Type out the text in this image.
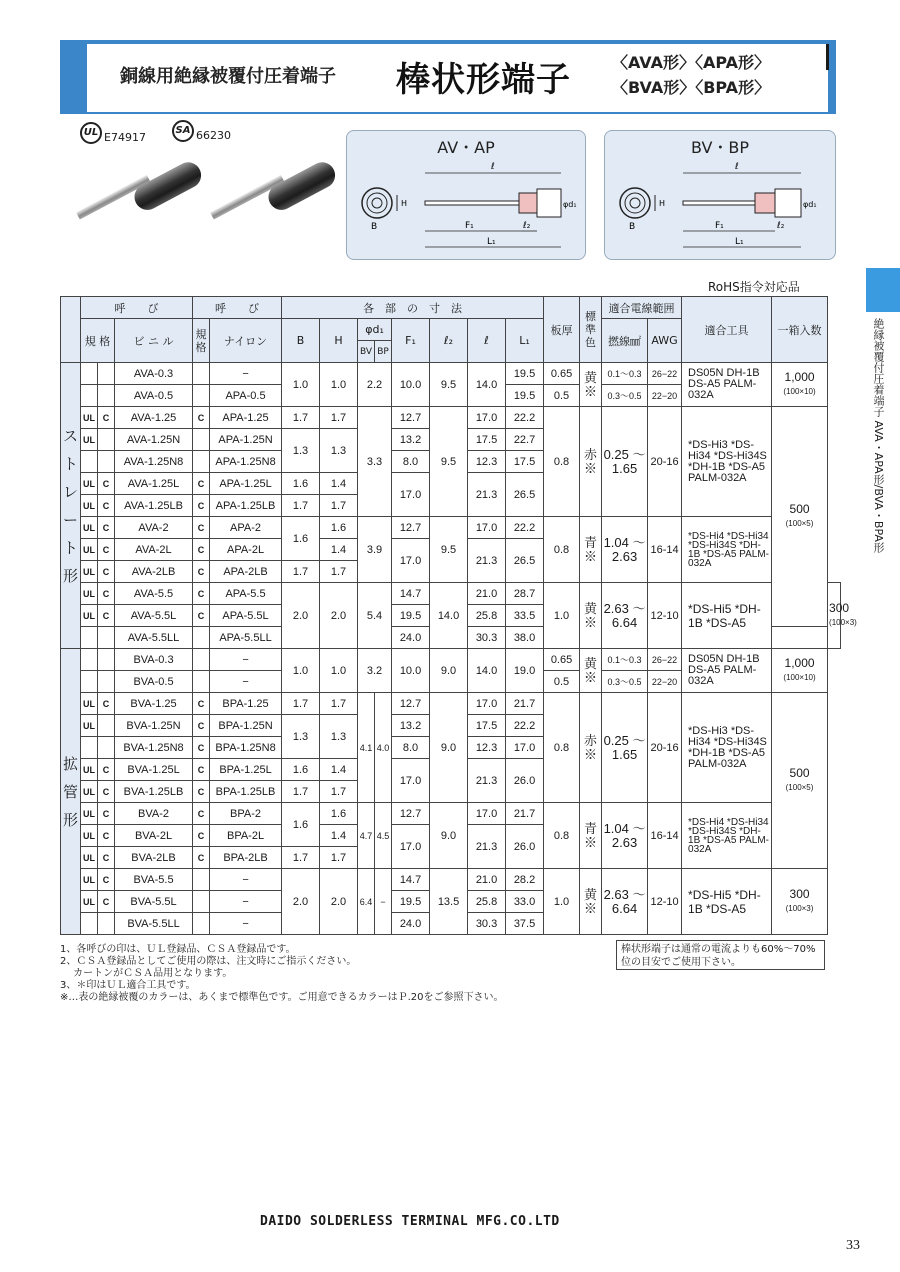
銅線用絶縁被覆付圧着端子 棒状形端子	〈AVA形〉〈APA形〉
〈BVA形〉〈BPA形〉
絶縁被覆付圧着端子 AVA・APA形/BVA・BPA形
UL E74917
SA 66230
AV・AP
ℓ
H	φd₁
B	F₁	ℓ₂
L₁
BV・BP
ℓ
H	φd₁
B	F₁	ℓ₂
L₁
RoHS指令対応品
	呼　　び			呼　　び		各　部　の　寸　法								板厚	標準色	適合電線範囲		適合工具	一箱入数	
	規 格		ビ ニ ル	規格	ナイロン	B	H	φd₁		F₁	ℓ₂	ℓ	L₁			撚線㎟	AWG			
								BV	BP											
ストレート形			AVA-0.3		−	1.0	1.0	2.2		10.0	9.5	14.0	19.5	0.65	黄※	0.1〜0.3	26−22	DS05N DH-1B DS-A5 PALM-032A	1,000
(100×10)	
			AVA-0.5		APA-0.5								19.5	0.5		0.3〜0.5	22−20			
	UL	C	AVA-1.25	C	APA-1.25	1.7	1.7	3.3		12.7	9.5	17.0	22.2	0.8	赤※	0.25 〜 1.65	20-16	*DS-Hi3 *DS-Hi34 *DS-Hi34S *DH-1B *DS-A5 PALM-032A	500
(100×5)	
	UL		AVA-1.25N		APA-1.25N	1.3	1.3			13.2		17.5	22.7							
			AVA-1.25N8		APA-1.25N8					8.0		12.3	17.5							
	UL	C	AVA-1.25L	C	APA-1.25L	1.6	1.4			17.0		21.3	26.5							
	UL	C	AVA-1.25LB	C	APA-1.25LB	1.7	1.7													
	UL	C	AVA-2	C	APA-2	1.6	1.6	3.9		12.7	9.5	17.0	22.2	0.8	青※	1.04 〜 2.63	16-14	*DS-Hi4 *DS-Hi34 *DS-Hi34S *DH-1B *DS-A5 PALM-032A		
	UL	C	AVA-2L	C	APA-2L		1.4			17.0		21.3	26.5							
	UL	C	AVA-2LB	C	APA-2LB	1.7	1.7													
	UL	C	AVA-5.5	C	APA-5.5	2.0	2.0	5.4		14.7	14.0	21.0	28.7	1.0	黄※	2.63 〜 6.64	12-10	*DS-Hi5 *DH-1B *DS-A5		300
(100×3)
	UL	C	AVA-5.5L	C	APA-5.5L					19.5		25.8	33.5							
			AVA-5.5LL		APA-5.5LL					24.0		30.3	38.0							
拡管形			BVA-0.3		−	1.0	1.0	3.2		10.0	9.0	14.0	19.0	0.65	黄※	0.1〜0.3	26−22	DS05N DH-1B DS-A5 PALM-032A	1,000
(100×10)	
			BVA-0.5		−									0.5		0.3〜0.5	22−20			
	UL	C	BVA-1.25	C	BPA-1.25	1.7	1.7	4.1	4.0	12.7	9.0	17.0	21.7	0.8	赤※	0.25 〜 1.65	20-16	*DS-Hi3 *DS-Hi34 *DS-Hi34S *DH-1B *DS-A5 PALM-032A	500
(100×5)	
	UL		BVA-1.25N	C	BPA-1.25N	1.3	1.3			13.2		17.5	22.2							
			BVA-1.25N8	C	BPA-1.25N8					8.0		12.3	17.0							
	UL	C	BVA-1.25L	C	BPA-1.25L	1.6	1.4			17.0		21.3	26.0							
	UL	C	BVA-1.25LB	C	BPA-1.25LB	1.7	1.7													
	UL	C	BVA-2	C	BPA-2	1.6	1.6	4.7	4.5	12.7	9.0	17.0	21.7	0.8	青※	1.04 〜 2.63	16-14	*DS-Hi4 *DS-Hi34 *DS-Hi34S *DH-1B *DS-A5 PALM-032A		
	UL	C	BVA-2L	C	BPA-2L		1.4			17.0		21.3	26.0							
	UL	C	BVA-2LB	C	BPA-2LB	1.7	1.7													
	UL	C	BVA-5.5		−	2.0	2.0	6.4	−	14.7	13.5	21.0	28.2	1.0	黄※	2.63 〜 6.64	12-10	*DS-Hi5 *DH-1B *DS-A5	300
(100×3)	
	UL	C	BVA-5.5L		−					19.5		25.8	33.0							
			BVA-5.5LL		−					24.0		30.3	37.5							
1、各呼びの印は、ＵＬ登録品、ＣＳＡ登録品です。
2、ＣＳＡ登録品としてご使用の際は、注文時にご指示ください。
　 カートンがＣＳＡ品用となります。
3、＊印はＵＬ適合工具です。
※…表の絶縁被覆のカラーは、あくまで標準色です。ご用意できるカラーはＰ.20をご参照下さい。
棒状形端子は通常の電流よりも60%〜70%位の目安でご使用下さい。
DAIDO SOLDERLESS TERMINAL MFG.CO.LTD
33
